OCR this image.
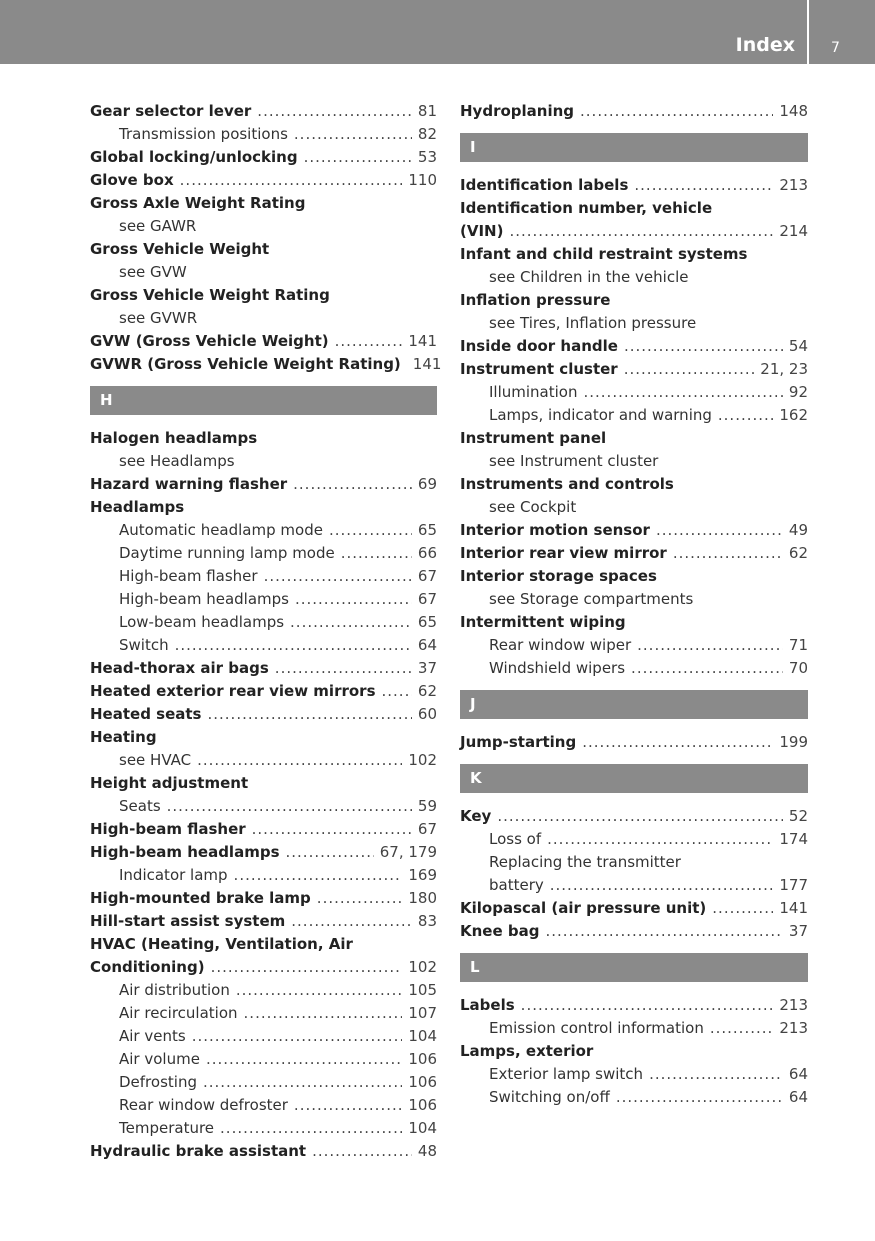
Index	7
Gear selector lever .....	81
Transmission positions .....	82
Global locking/unlocking .....	53
Glove box .....	110
Gross Axle Weight Rating
see GAWR
Gross Vehicle Weight
see GVW
Gross Vehicle Weight Rating
see GVWR
GVW (Gross Vehicle Weight) .....	141
GVWR (Gross Vehicle Weight Rating) 141
H
Halogen headlamps
see Headlamps
Hazard warning flasher .....	69
Headlamps
Automatic headlamp mode .....	65
Daytime running lamp mode .....	66
High-beam flasher .....	67
High-beam headlamps .....	67
Low-beam headlamps .....	65
Switch .....	64
Head-thorax air bags .....	37
Heated exterior rear view mirrors .....	62
Heated seats .....	60
Heating
see HVAC .....	102
Height adjustment
Seats .....	59
High-beam flasher .....	67
High-beam headlamps .....	67, 179
Indicator lamp .....	169
High-mounted brake lamp .....	180
Hill-start assist system .....	83
HVAC (Heating, Ventilation, Air
Conditioning) .....	102
Air distribution .....	105
Air recirculation .....	107
Air vents .....	104
Air volume .....	106
Defrosting .....	106
Rear window defroster .....	106
Temperature .....	104
Hydraulic brake assistant .....	48
Hydroplaning .....	148
I
Identification labels .....	213
Identification number, vehicle
(VIN) .....	214
Infant and child restraint systems
see Children in the vehicle
Inflation pressure
see Tires, Inflation pressure
Inside door handle .....	54
Instrument cluster .....	21, 23
Illumination .....	92
Lamps, indicator and warning .....	162
Instrument panel
see Instrument cluster
Instruments and controls
see Cockpit
Interior motion sensor .....	49
Interior rear view mirror .....	62
Interior storage spaces
see Storage compartments
Intermittent wiping
Rear window wiper .....	71
Windshield wipers .....	70
J
Jump-starting .....	199
K
Key .....	52
Loss of .....	174
Replacing the transmitter
battery .....	177
Kilopascal (air pressure unit) .....	141
Knee bag .....	37
L
Labels .....	213
Emission control information .....	213
Lamps, exterior
Exterior lamp switch .....	64
Switching on/off .....	64
